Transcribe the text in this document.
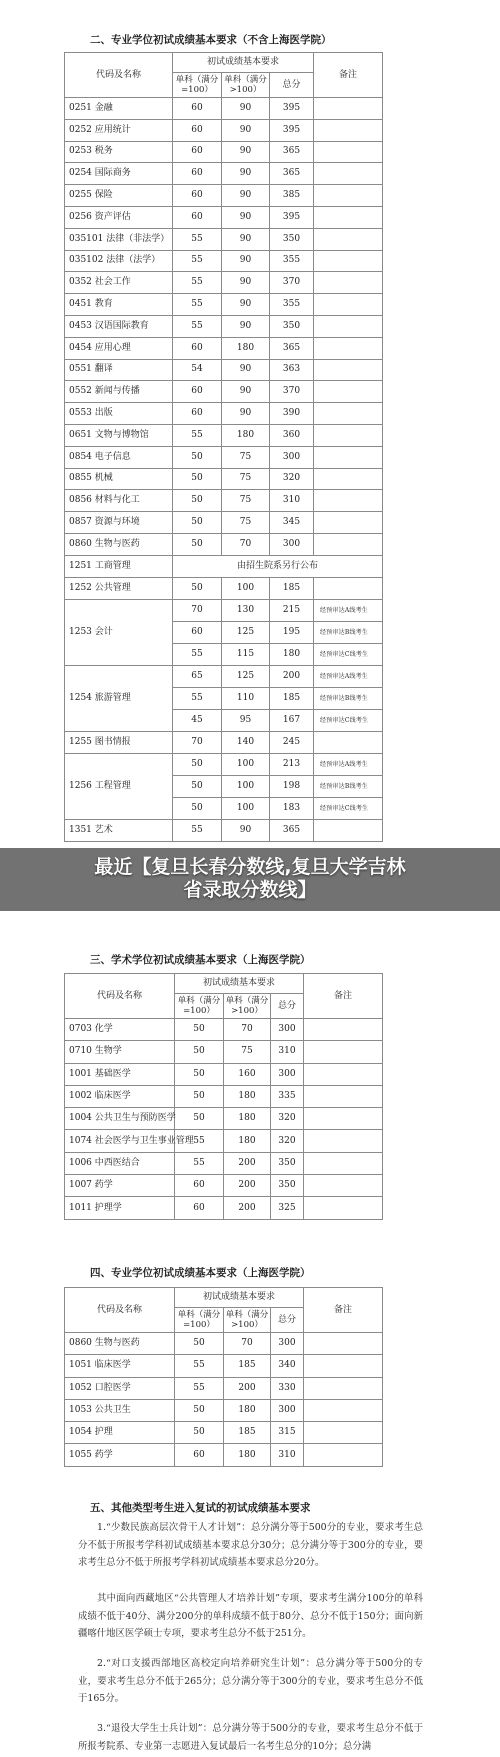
二、专业学位初试成绩基本要求（不含上海医学院）
代码及名称	初试成绩基本要求			备注
	单科（满分=100）	单科（满分>100）	总分	
0251 金融	60	90	395	
0252 应用统计	60	90	395	
0253 税务	60	90	365	
0254 国际商务	60	90	365	
0255 保险	60	90	385	
0256 资产评估	60	90	395	
035101 法律（非法学）	55	90	350	
035102 法律（法学）	55	90	355	
0352 社会工作	55	90	370	
0451 教育	55	90	355	
0453 汉语国际教育	55	90	350	
0454 应用心理	60	180	365	
0551 翻译	54	90	363	
0552 新闻与传播	60	90	370	
0553 出版	60	90	390	
0651 文物与博物馆	55	180	360	
0854 电子信息	50	75	300	
0855 机械	50	75	320	
0856 材料与化工	50	75	310	
0857 资源与环境	50	75	345	
0860 生物与医药	50	70	300	
1251 工商管理	由招生院系另行公布			
1252 公共管理	50	100	185	
1253 会计	70	130	215	经预审达A线考生
	60	125	195	经预审达B线考生
	55	115	180	经预审达C线考生
1254 旅游管理	65	125	200	经预审达A线考生
	55	110	185	经预审达B线考生
	45	95	167	经预审达C线考生
1255 图书情报	70	140	245	
1256 工程管理	50	100	213	经预审达A线考生
	50	100	198	经预审达B线考生
	50	100	183	经预审达C线考生
1351 艺术	55	90	365	
最近【复旦长春分数线,复旦大学吉林
省录取分数线】
三、学术学位初试成绩基本要求（上海医学院）
代码及名称	初试成绩基本要求			备注
	单科（满分=100）	单科（满分>100）	总分	
0703 化学	50	70	300	
0710 生物学	50	75	310	
1001 基础医学	50	160	300	
1002 临床医学	50	180	335	
1004 公共卫生与预防医学	50	180	320	
1074 社会医学与卫生事业管理	55	180	320	
1006 中西医结合	55	200	350	
1007 药学	60	200	350	
1011 护理学	60	200	325	
四、专业学位初试成绩基本要求（上海医学院）
代码及名称	初试成绩基本要求			备注
	单科（满分=100）	单科（满分>100）	总分	
0860 生物与医药	50	70	300	
1051 临床医学	55	185	340	
1052 口腔医学	55	200	330	
1053 公共卫生	50	180	300	
1054 护理	50	185	315	
1055 药学	60	180	310	
五、其他类型考生进入复试的初试成绩基本要求
1.“少数民族高层次骨干人才计划”：总分满分等于500分的专业，要求考生总分不低于所报考学科初试成绩基本要求总分30分；总分满分等于300分的专业，要求考生总分不低于所报考学科初试成绩基本要求总分20分。
其中面向西藏地区“公共管理人才培养计划”专项，要求考生满分100分的单科成绩不低于40分、满分200分的单科成绩不低于80分、总分不低于150分；面向新疆喀什地区医学硕士专项，要求考生总分不低于251分。
2.“对口支援西部地区高校定向培养研究生计划”：总分满分等于500分的专业，要求考生总分不低于265分；总分满分等于300分的专业，要求考生总分不低于165分。
3.“退役大学生士兵计划”：总分满分等于500分的专业，要求考生总分不低于所报考院系、专业第一志愿进入复试最后一名考生总分的10分；总分满
